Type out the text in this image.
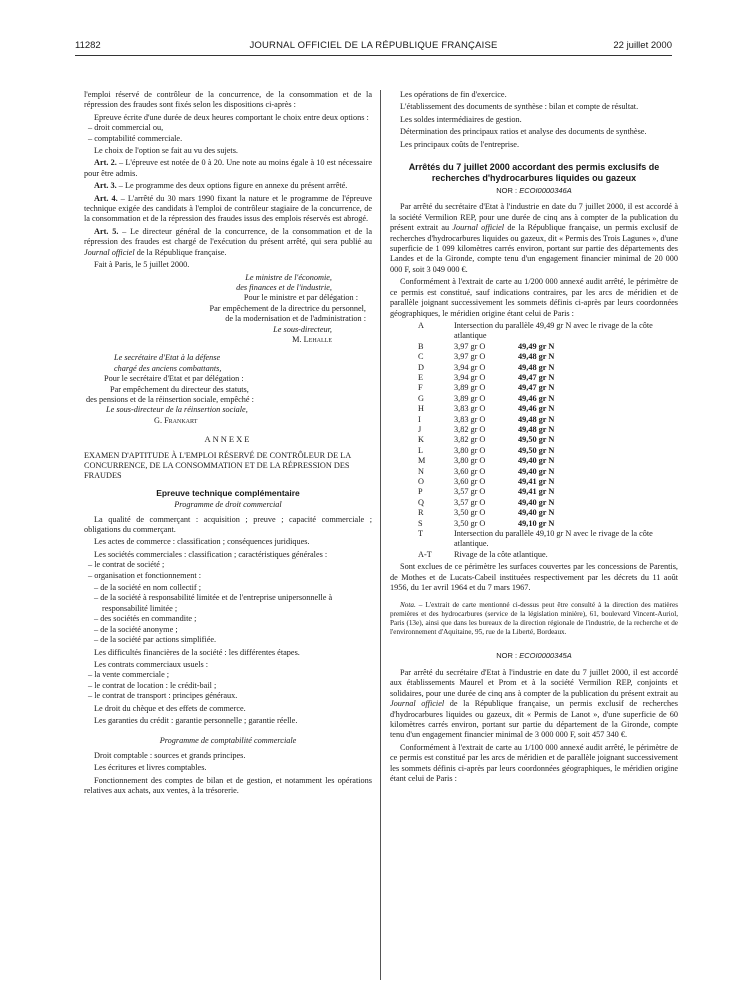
11282	JOURNAL OFFICIEL DE LA RÉPUBLIQUE FRANÇAISE	22 juillet 2000

l'emploi réservé de contrôleur de la concurrence, de la consommation et de la répression des fraudes sont fixés selon les dispositions ci-après :

Epreuve écrite d'une durée de deux heures comportant le choix entre deux options :

– droit commercial ou,
– comptabilité commerciale.

Le choix de l'option se fait au vu des sujets.

Art. 2. – L'épreuve est notée de 0 à 20. Une note au moins égale à 10 est nécessaire pour être admis.

Art. 3. – Le programme des deux options figure en annexe du présent arrêté.

Art. 4. – L'arrêté du 30 mars 1990 fixant la nature et le programme de l'épreuve technique exigée des candidats à l'emploi de contrôleur stagiaire de la concurrence, de la consommation et de la répression des fraudes issus des emplois réservés est abrogé.

Art. 5. – Le directeur général de la concurrence, de la consommation et de la répression des fraudes est chargé de l'exécution du présent arrêté, qui sera publié au Journal officiel de la République française.

Fait à Paris, le 5 juillet 2000.

Le ministre de l'économie,

des finances et de l'industrie,

Pour le ministre et par délégation :

Par empêchement de la directrice du personnel,

de la modernisation et de l'administration :

Le sous-directeur,

M. Lehalle

Le secrétaire d'Etat à la défense

chargé des anciens combattants,

Pour le secrétaire d'Etat et par délégation :

Par empêchement du directeur des statuts,

des pensions et de la réinsertion sociale, empêché :

Le sous-directeur de la réinsertion sociale,

G. Frankart

ANNEXE

EXAMEN D'APTITUDE À L'EMPLOI RÉSERVÉ DE CONTRÔLEUR DE LA CONCURRENCE, DE LA CONSOMMATION ET DE LA RÉPRESSION DES FRAUDES

Epreuve technique complémentaire

Programme de droit commercial

La qualité de commerçant : acquisition ; preuve ; capacité commerciale ; obligations du commerçant.

Les actes de commerce : classification ; conséquences juridiques.

Les sociétés commerciales : classification ; caractéristiques générales :

– le contrat de société ;
– organisation et fonctionnement :
– de la société en nom collectif ;
– de la société à responsabilité limitée et de l'entreprise unipersonnelle à responsabilité limitée ;
– des sociétés en commandite ;
– de la société anonyme ;
– de la société par actions simplifiée.

Les difficultés financières de la société : les différentes étapes.

Les contrats commerciaux usuels :

– la vente commerciale ;
– le contrat de location : le crédit-bail ;
– le contrat de transport : principes généraux.

Le droit du chèque et des effets de commerce.

Les garanties du crédit : garantie personnelle ; garantie réelle.

Programme de comptabilité commerciale

Droit comptable : sources et grands principes.

Les écritures et livres comptables.

Fonctionnement des comptes de bilan et de gestion, et notamment les opérations relatives aux achats, aux ventes, à la trésorerie.

Les opérations de fin d'exercice.

L'établissement des documents de synthèse : bilan et compte de résultat.

Les soldes intermédiaires de gestion.

Détermination des principaux ratios et analyse des documents de synthèse.

Les principaux coûts de l'entreprise.

Arrêtés du 7 juillet 2000 accordant des permis exclusifs de recherches d'hydrocarbures liquides ou gazeux

NOR : ECOI0000346A

Par arrêté du secrétaire d'Etat à l'industrie en date du 7 juillet 2000, il est accordé à la société Vermilion REP, pour une durée de cinq ans à compter de la publication du présent extrait au Journal officiel de la République française, un permis exclusif de recherches d'hydrocarbures liquides ou gazeux, dit « Permis des Trois Lagunes », d'une superficie de 1 099 kilomètres carrés environ, portant sur partie des départements des Landes et de la Gironde, compte tenu d'un engagement financier minimal de 20 000 000 F, soit 3 049 000 €.

Conformément à l'extrait de carte au 1/200 000 annexé audit arrêté, le périmètre de ce permis est constitué, sauf indications contraires, par les arcs de méridien et de parallèle joignant successivement les sommets définis ci-après par leurs coordonnées géographiques, le méridien origine étant celui de Paris :

A	Intersection du parallèle 49,49 gr N avec le rivage de la côte atlantique	
B	3,97 gr O	49,49 gr N
C	3,97 gr O	49,48 gr N
D	3,94 gr O	49,48 gr N
E	3,94 gr O	49,47 gr N
F	3,89 gr O	49,47 gr N
G	3,89 gr O	49,46 gr N
H	3,83 gr O	49,46 gr N
I	3,83 gr O	49,48 gr N
J	3,82 gr O	49,48 gr N
K	3,82 gr O	49,50 gr N
L	3,80 gr O	49,50 gr N
M	3,80 gr O	49,40 gr N
N	3,60 gr O	49,40 gr N
O	3,60 gr O	49,41 gr N
P	3,57 gr O	49,41 gr N
Q	3,57 gr O	49,40 gr N
R	3,50 gr O	49,40 gr N
S	3,50 gr O	49,10 gr N
T	Intersection du parallèle 49,10 gr N avec le rivage de la côte atlantique.	
A-T	Rivage de la côte atlantique.	

Sont exclues de ce périmètre les surfaces couvertes par les concessions de Parentis, de Mothes et de Lucats-Cabeil instituées respectivement par les décrets du 11 août 1956, du 1er avril 1964 et du 7 mars 1967.

Nota. – L'extrait de carte mentionné ci-dessus peut être consulté à la direction des matières premières et des hydrocarbures (service de la législation minière), 61, boulevard Vincent-Auriol, Paris (13e), ainsi que dans les bureaux de la direction régionale de l'industrie, de la recherche et de l'environnement d'Aquitaine, 95, rue de la Liberté, Bordeaux.

NOR : ECOI0000345A

Par arrêté du secrétaire d'Etat à l'industrie en date du 7 juillet 2000, il est accordé aux établissements Maurel et Prom et à la société Vermilion REP, conjoints et solidaires, pour une durée de cinq ans à compter de la publication du présent extrait au Journal officiel de la République française, un permis exclusif de recherches d'hydrocarbures liquides ou gazeux, dit « Permis de Lanot », d'une superficie de 60 kilomètres carrés environ, portant sur partie du département de la Gironde, compte tenu d'un engagement financier minimal de 3 000 000 F, soit 457 340 €.

Conformément à l'extrait de carte au 1/100 000 annexé audit arrêté, le périmètre de ce permis est constitué par les arcs de méridien et de parallèle joignant successivement les sommets définis ci-après par leurs coordonnées géographiques, le méridien origine étant celui de Paris :
